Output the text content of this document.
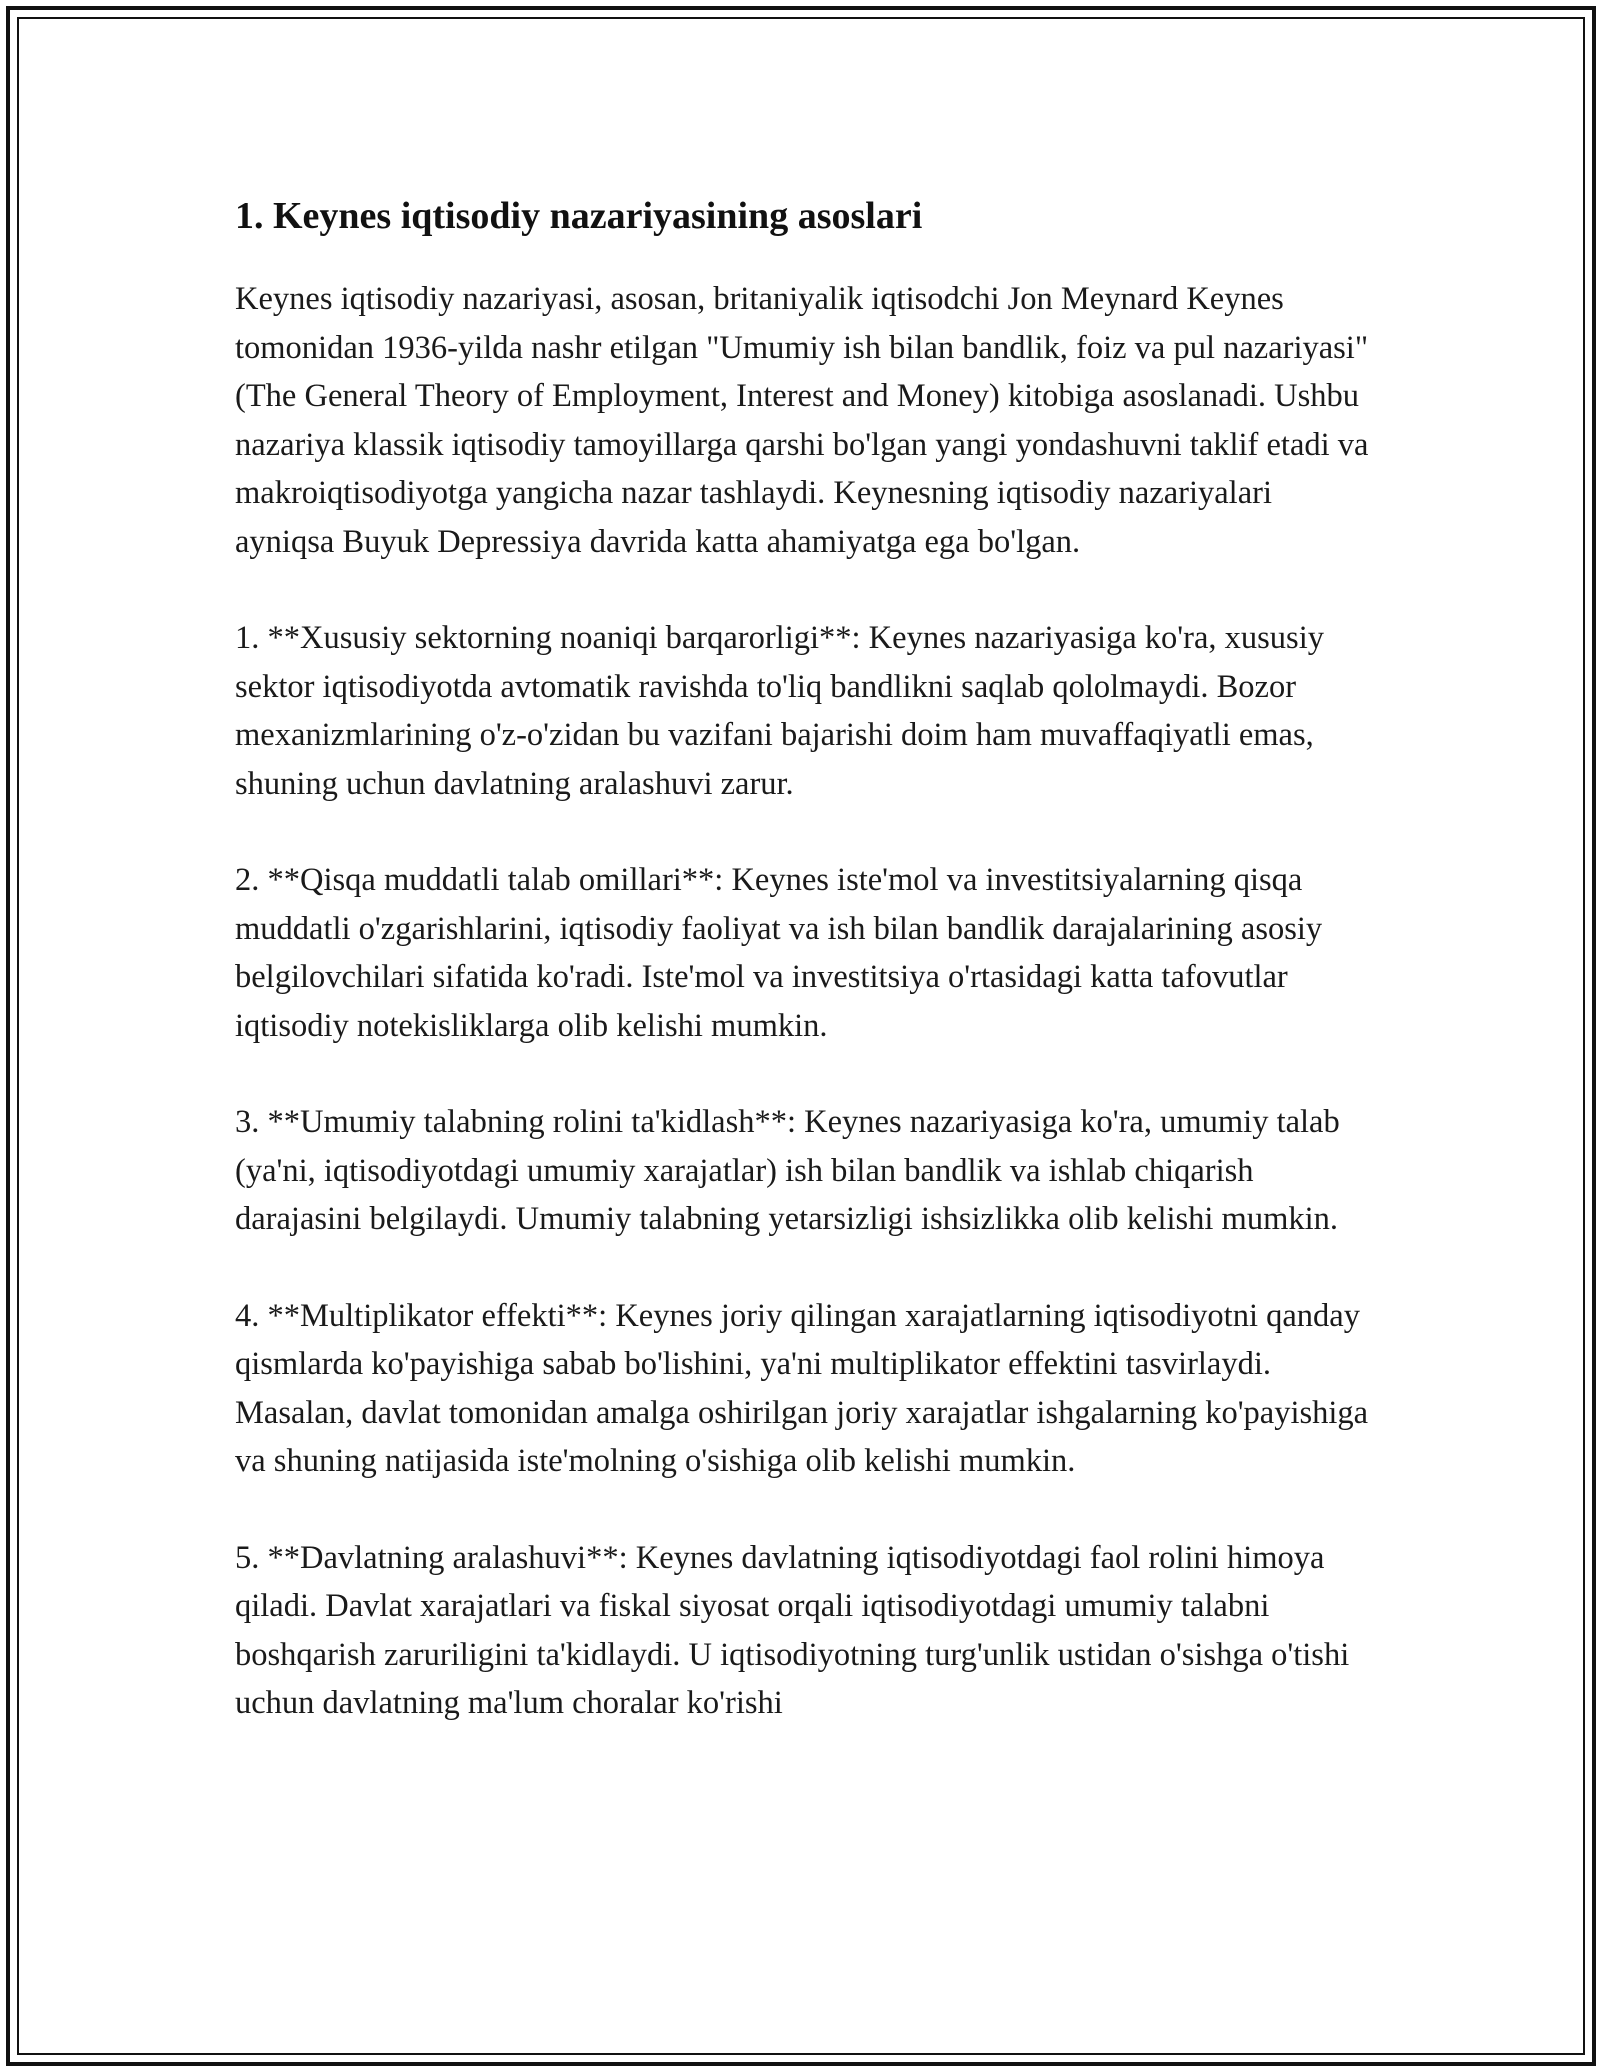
1. Keynes iqtisodiy nazariyasining asoslari

Keynes iqtisodiy nazariyasi, asosan, britaniyalik iqtisodchi Jon Meynard Keynes tomonidan 1936-yilda nashr etilgan "Umumiy ish bilan bandlik, foiz va pul nazariyasi" (The General Theory of Employment, Interest and Money) kitobiga asoslanadi. Ushbu nazariya klassik iqtisodiy tamoyillarga qarshi bo'lgan yangi yondashuvni taklif etadi va makroiqtisodiyotga yangicha nazar tashlaydi. Keynesning iqtisodiy nazariyalari ayniqsa Buyuk Depressiya davrida katta ahamiyatga ega bo'lgan.

1. **Xususiy sektorning noaniqi barqarorligi**: Keynes nazariyasiga ko'ra, xususiy sektor iqtisodiyotda avtomatik ravishda to'liq bandlikni saqlab qololmaydi. Bozor mexanizmlarining o'z-o'zidan bu vazifani bajarishi doim ham muvaffaqiyatli emas, shuning uchun davlatning aralashuvi zarur.

2. **Qisqa muddatli talab omillari**: Keynes iste'mol va investitsiyalarning qisqa muddatli o'zgarishlarini, iqtisodiy faoliyat va ish bilan bandlik darajalarining asosiy belgilovchilari sifatida ko'radi. Iste'mol va investitsiya o'rtasidagi katta tafovutlar iqtisodiy notekisliklarga olib kelishi mumkin.

3. **Umumiy talabning rolini ta'kidlash**: Keynes nazariyasiga ko'ra, umumiy talab (ya'ni, iqtisodiyotdagi umumiy xarajatlar) ish bilan bandlik va ishlab chiqarish darajasini belgilaydi. Umumiy talabning yetarsizligi ishsizlikka olib kelishi mumkin.

4. **Multiplikator effekti**: Keynes joriy qilingan xarajatlarning iqtisodiyotni qanday qismlarda ko'payishiga sabab bo'lishini, ya'ni multiplikator effektini tasvirlaydi. Masalan, davlat tomonidan amalga oshirilgan joriy xarajatlar ishgalarning ko'payishiga va shuning natijasida iste'molning o'sishiga olib kelishi mumkin.

5. **Davlatning aralashuvi**: Keynes davlatning iqtisodiyotdagi faol rolini himoya qiladi. Davlat xarajatlari va fiskal siyosat orqali iqtisodiyotdagi umumiy talabni boshqarish zaruriligini ta'kidlaydi. U iqtisodiyotning turg'unlik ustidan o'sishga o'tishi uchun davlatning ma'lum choralar ko'rishi
